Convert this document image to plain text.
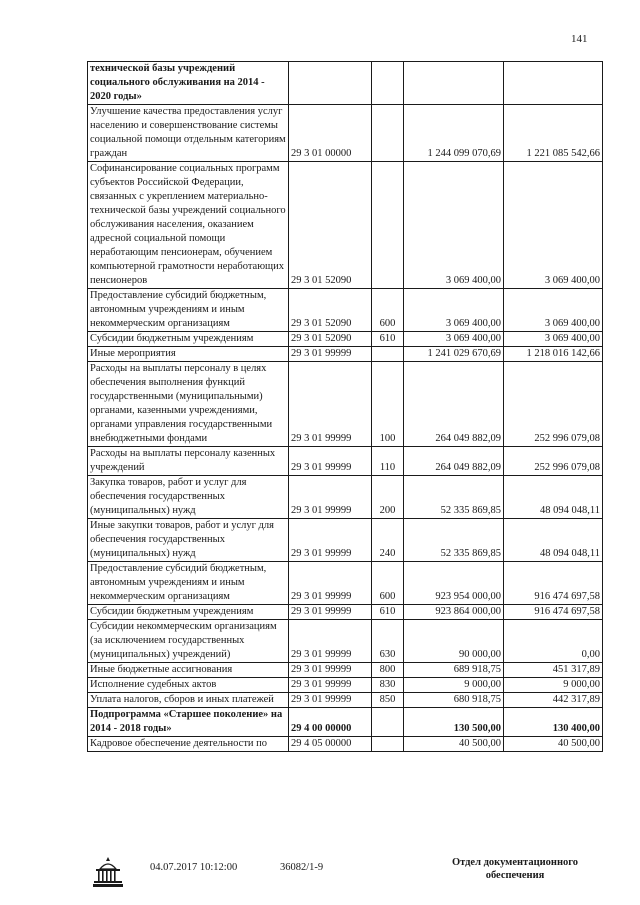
141
технической базы учреждений социального обслуживания на 2014 - 2020 годы»				
Улучшение качества предоставления услуг населению и совершенствование системы социальной помощи отдельным категориям граждан	29 3 01 00000		1 244 099 070,69	1 221 085 542,66
Софинансирование социальных программ субъектов Российской Федерации, связанных с укреплением материально-технической базы учреждений социального обслуживания населения, оказанием адресной социальной помощи неработающим пенсионерам, обучением компьютерной грамотности неработающих пенсионеров	29 3 01 52090		3 069 400,00	3 069 400,00
Предоставление субсидий бюджетным, автономным учреждениям и иным некоммерческим организациям	29 3 01 52090	600	3 069 400,00	3 069 400,00
Субсидии бюджетным учреждениям	29 3 01 52090	610	3 069 400,00	3 069 400,00
Иные мероприятия	29 3 01 99999		1 241 029 670,69	1 218 016 142,66
Расходы на выплаты персоналу в целях обеспечения выполнения функций государственными (муниципальными) органами, казенными учреждениями, органами управления государственными внебюджетными фондами	29 3 01 99999	100	264 049 882,09	252 996 079,08
Расходы на выплаты персоналу казенных учреждений	29 3 01 99999	110	264 049 882,09	252 996 079,08
Закупка товаров, работ и услуг для обеспечения государственных (муниципальных) нужд	29 3 01 99999	200	52 335 869,85	48 094 048,11
Иные закупки товаров, работ и услуг для обеспечения государственных (муниципальных) нужд	29 3 01 99999	240	52 335 869,85	48 094 048,11
Предоставление субсидий бюджетным, автономным учреждениям и иным некоммерческим организациям	29 3 01 99999	600	923 954 000,00	916 474 697,58
Субсидии бюджетным учреждениям	29 3 01 99999	610	923 864 000,00	916 474 697,58
Субсидии некоммерческим организациям (за исключением государственных (муниципальных) учреждений)	29 3 01 99999	630	90 000,00	0,00
Иные бюджетные ассигнования	29 3 01 99999	800	689 918,75	451 317,89
Исполнение судебных актов	29 3 01 99999	830	9 000,00	9 000,00
Уплата налогов, сборов и иных платежей	29 3 01 99999	850	680 918,75	442 317,89
Подпрограмма «Старшее поколение» на 2014 - 2018 годы»	29 4 00 00000		130 500,00	130 400,00
Кадровое обеспечение деятельности по	29 4 05 00000		40 500,00	40 500,00
04.07.2017 10:12:00	36082/1-9	Отдел документационного обеспечения
